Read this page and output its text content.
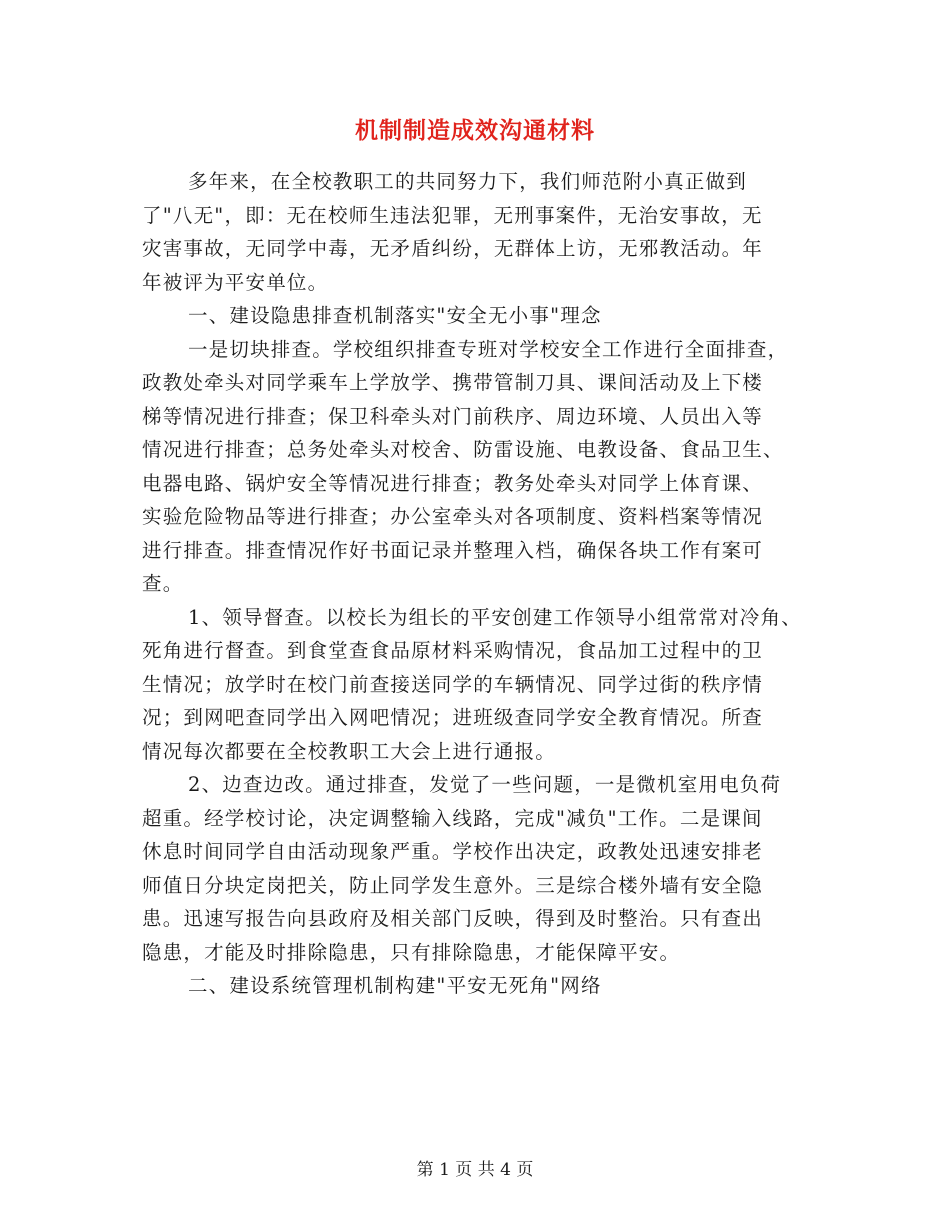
机制制造成效沟通材料
多年来，在全校教职工的共同努力下，我们师范附小真正做到
了"八无"，即：无在校师生违法犯罪，无刑事案件，无治安事故，无
灾害事故，无同学中毒，无矛盾纠纷，无群体上访，无邪教活动。年
年被评为平安单位。
一、建设隐患排查机制落实"安全无小事"理念
一是切块排查。学校组织排查专班对学校安全工作进行全面排查，
政教处牵头对同学乘车上学放学、携带管制刀具、课间活动及上下楼
梯等情况进行排查；保卫科牵头对门前秩序、周边环境、人员出入等
情况进行排查；总务处牵头对校舍、防雷设施、电教设备、食品卫生、
电器电路、锅炉安全等情况进行排查；教务处牵头对同学上体育课、
实验危险物品等进行排查；办公室牵头对各项制度、资料档案等情况
进行排查。排查情况作好书面记录并整理入档，确保各块工作有案可
查。
1、领导督查。以校长为组长的平安创建工作领导小组常常对冷角、
死角进行督查。到食堂查食品原材料采购情况，食品加工过程中的卫
生情况；放学时在校门前查接送同学的车辆情况、同学过街的秩序情
况；到网吧查同学出入网吧情况；进班级查同学安全教育情况。所查
情况每次都要在全校教职工大会上进行通报。
2、边查边改。通过排查，发觉了一些问题，一是微机室用电负荷
超重。经学校讨论，决定调整输入线路，完成"减负"工作。二是课间
休息时间同学自由活动现象严重。学校作出决定，政教处迅速安排老
师值日分块定岗把关，防止同学发生意外。三是综合楼外墙有安全隐
患。迅速写报告向县政府及相关部门反映，得到及时整治。只有查出
隐患，才能及时排除隐患，只有排除隐患，才能保障平安。
二、建设系统管理机制构建"平安无死角"网络
第 1 页 共 4 页
